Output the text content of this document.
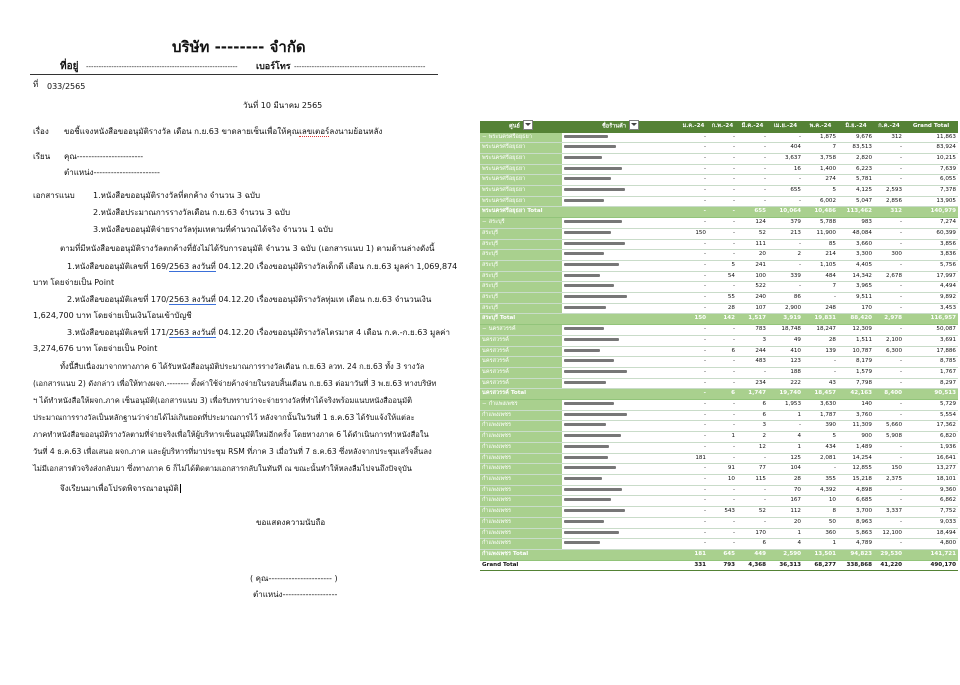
บริษัท -------- จำกัด
ที่อยู่ ------------------------------------------------------------	เบอร์โทร ----------------------------------------------------
ที่ 033/2565
วันที่ 10 มีนาคม 2565
เรื่อง ขอชี้แจงหนังสือขออนุมัติรางวัล เดือน ก.ย.63 ขาดลายเซ็นเพื่อให้คุณเลขเตอร์ลงนามย้อนหลัง
เรียน คุณ-----------------------
ตำแหน่ง-----------------------
เอกสารแนบ 1.หนังสือขออนุมัติรางวัลที่ตกค้าง จำนวน 3 ฉบับ
2.หนังสือประมาณการรางวัลเดือน ก.ย.63 จำนวน 3 ฉบับ
3.หนังสือขออนุมัติจ่ายรางวัลทุ่มเทตามที่คำนวณได้จริง จำนวน 1 ฉบับ
ตามที่มีหนังสือขออนุมัติรางวัลตกค้างที่ยังไม่ได้รับการอนุมัติ จำนวน 3 ฉบับ (เอกสารแนบ 1) ตามด้านล่างดังนี้
1.หนังสือขออนุมัติเลขที่ 169/2563 ลงวันที่ 04.12.20 เรื่องขออนุมัติรางวัลเด็กดี เดือน ก.ย.63 มูลค่า 1,069,874
บาท โดยจ่ายเป็น Point
2.หนังสือขออนุมัติเลขที่ 170/2563 ลงวันที่ 04.12.20 เรื่องขออนุมัติรางวัลทุ่มเท เดือน ก.ย.63 จำนวนเงิน
1,624,700 บาท โดยจ่ายเป็นเงินโอนเข้าบัญชี
3.หนังสือขออนุมัติเลขที่ 171/2563 ลงวันที่ 04.12.20 เรื่องขออนุมัติรางวัลไตรมาส 4 เดือน ก.ค.-ก.ย.63 มูลค่า
3,274,676 บาท โดยจ่ายเป็น Point
ทั้งนี้สืบเนื่องมาจากทางภาค 6 ได้รับหนังสืออนุมัติประมาณการรางวัลเดือน ก.ย.63 ลวท. 24 ก.ย.63 ทั้ง 3 รางวัล
(เอกสารแนบ 2) ดังกล่าว เพื่อให้ทางผจก.-------- ดั้งค่าใช้จ่ายค้างจ่ายในรอบสิ้นเดือน ก.ย.63 ต่อมาวันที่ 3 พ.ย.63 ทางบริษัท
ฯ ได้ทำหนังสือให้ผจก.ภาค เซ็นอนุมัติ(เอกสารแนบ 3) เพื่อรับทราบว่าจะจ่ายรางวัลที่ทำได้จริงพร้อมแนบหนังสืออนุมัติ
ประมาณการรางวัลเป็นหลักฐานว่าจ่ายได้ไม่เกินยอดที่ประมาณการไว้ หลังจากนั้นในวันที่ 1 ธ.ค.63 ได้รับแจ้งให้แต่ละ
ภาคทำหนังสือขออนุมัติรางวัลตามที่จ่ายจริงเพื่อให้ผู้บริหารเซ็นอนุมัติใหม่อีกครั้ง โดยทางภาค 6 ได้ดำเนินการทำหนังสือใน
วันที่ 4 ธ.ค.63 เพื่อเสนอ ผจก.ภาค และผู้บริหารที่มาประชุม RSM ที่ภาค 3 เมื่อวันที่ 7 ธ.ค.63 ซึ่งหลังจากประชุมเสร็จสิ้นลง
ไม่มีเอกสารตัวจริงส่งกลับมา ซึ่งทางภาค 6 ก็ไม่ได้ติดตามเอกสารกลับในทันที ณ ขณะนั้นทำให้หลงลืมไปจนถึงปัจจุบัน
จึงเรียนมาเพื่อโปรดพิจารณาอนุมัติ
ขอแสดงความนับถือ
( คุณ---------------------- )
ตำแหน่ง-------------------
ศูนย์	ชื่อร้านค้า	ม.ค.-24	ก.พ.-24	มี.ค.-24	เม.ย.-24	พ.ค.-24	มิ.ย.-24	ก.ค.-24	Grand Total
− พระนครศรีอยุธยา		-	-	-	-	1,875	9,676	312	11,863
พระนครศรีอยุธยา		-	-	-	404	7	83,513	-	83,924
พระนครศรีอยุธยา		-	-	-	3,637	3,758	2,820	-	10,215
พระนครศรีอยุธยา		-	-	-	16	1,400	6,223	-	7,639
พระนครศรีอยุธยา		-	-	-	-	274	5,781	-	6,055
พระนครศรีอยุธยา		-	-	-	655	5	4,125	2,593	7,378
พระนครศรีอยุธยา		-	-	-	-	6,002	5,047	2,856	13,905
พระนครศรีอยุธยา Total		-	-	655	10,064	10,486	113,462	312	140,979
− สระบุรี		-	-	124	379	5,788	983	-	7,274
สระบุรี		150	-	52	213	11,900	48,084	-	60,399
สระบุรี		-	-	111	-	85	3,660	-	3,856
สระบุรี		-	-	20	2	214	3,300	300	3,836
สระบุรี		-	5	241	-	1,105	4,405	-	5,756
สระบุรี		-	54	100	339	484	14,342	2,678	17,997
สระบุรี		-	-	522	-	7	3,965	-	4,494
สระบุรี		-	55	240	86	-	9,511	-	9,892
สระบุรี		-	28	107	2,900	248	170	-	3,453
สระบุรี Total		150	142	1,517	3,919	19,831	88,420	2,978	116,957
− นครสวรรค์		-	-	783	18,748	18,247	12,309	-	50,087
นครสวรรค์		-	-	3	49	28	1,511	2,100	3,691
นครสวรรค์		-	6	244	410	139	10,787	6,300	17,886
นครสวรรค์		-	-	483	123	-	8,179	-	8,785
นครสวรรค์		-	-	-	188	-	1,579	-	1,767
นครสวรรค์		-	-	234	222	43	7,798	-	8,297
นครสวรรค์ Total		-	6	1,747	19,740	18,457	42,163	8,400	90,513
− กำแพงเพชร		-	-	6	1,953	3,630	140	-	5,729
กำแพงเพชร		-	-	6	1	1,787	3,760	-	5,554
กำแพงเพชร		-	-	3	-	390	11,309	5,660	17,362
กำแพงเพชร		-	1	2	4	5	900	5,908	6,820
กำแพงเพชร		-	-	12	1	434	1,489	-	1,936
กำแพงเพชร		181	-	-	125	2,081	14,254	-	16,641
กำแพงเพชร		-	91	77	104	-	12,855	150	13,277
กำแพงเพชร		-	10	115	28	355	15,218	2,375	18,101
กำแพงเพชร		-	-	-	70	4,392	4,898	-	9,360
กำแพงเพชร		-	-	-	167	10	6,685	-	6,862
กำแพงเพชร		-	543	52	112	8	3,700	3,337	7,752
กำแพงเพชร		-	-	-	20	50	8,963	-	9,033
กำแพงเพชร		-	-	170	1	360	5,863	12,100	18,494
กำแพงเพชร		-	-	6	4	1	4,789	-	4,800
กำแพงเพชร Total		181	645	449	2,590	13,501	94,823	29,530	141,721
Grand Total		331	793	4,368	36,313	68,277	338,868	41,220	490,170
